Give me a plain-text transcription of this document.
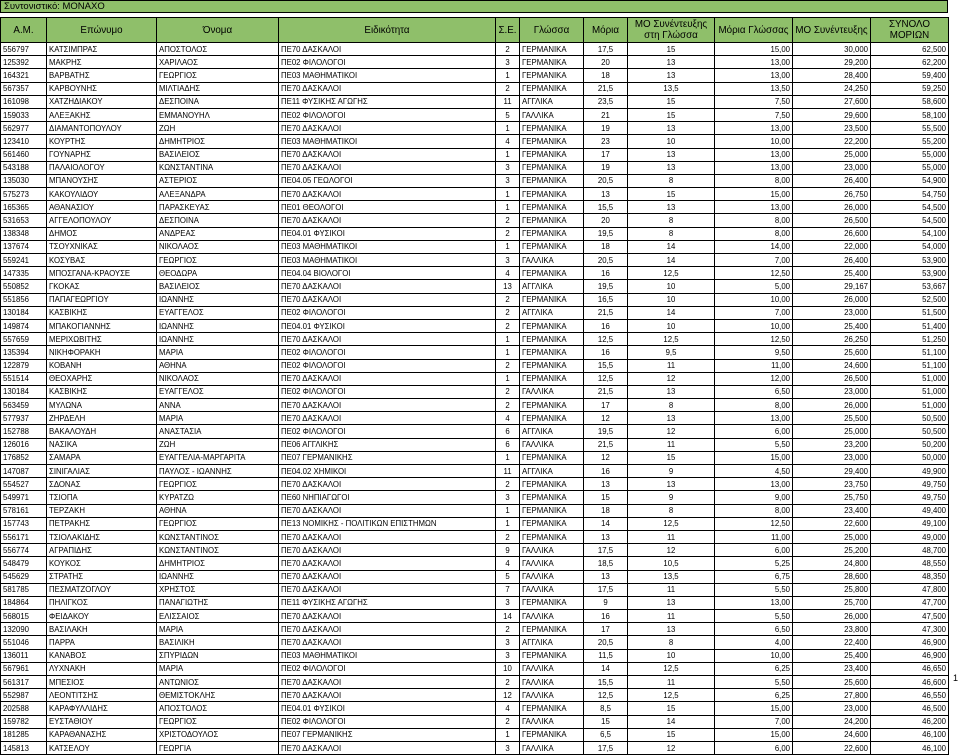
Συντονιστικό: ΜΟΝΑΧΟ
Α.Μ.	Επώνυμο	Όνομα	Ειδικότητα	Σ.Ε.	Γλώσσα	Μόρια	ΜΟ Συνέντευξης στη Γλώσσα	Μόρια Γλώσσας	ΜΟ Συνέντευξης	ΣΥΝΟΛΟ ΜΟΡΙΩΝ
556797	ΚΑΤΣΙΜΠΡΑΣ	ΑΠΟΣΤΟΛΟΣ	ΠΕ70 ΔΑΣΚΑΛΟΙ	2	ΓΕΡΜΑΝΙΚΑ	17,5	15	15,00	30,000	62,500
125392	ΜΑΚΡΗΣ	ΧΑΡΙΛΑΟΣ	ΠΕ02 ΦΙΛΟΛΟΓΟΙ	3	ΓΕΡΜΑΝΙΚΑ	20	13	13,00	29,200	62,200
164321	ΒΑΡΒΑΤΗΣ	ΓΕΩΡΓΙΟΣ	ΠΕ03 ΜΑΘΗΜΑΤΙΚΟΙ	1	ΓΕΡΜΑΝΙΚΑ	18	13	13,00	28,400	59,400
567357	ΚΑΡΒΟΥΝΗΣ	ΜΙΛΤΙΑΔΗΣ	ΠΕ70 ΔΑΣΚΑΛΟΙ	2	ΓΕΡΜΑΝΙΚΑ	21,5	13,5	13,50	24,250	59,250
161098	ΧΑΤΖΗΔΙΑΚΟΥ	ΔΕΣΠΟΙΝΑ	ΠΕ11 ΦΥΣΙΚΗΣ ΑΓΩΓΗΣ	11	ΑΓΓΛΙΚΑ	23,5	15	7,50	27,600	58,600
159033	ΑΛΕΞΑΚΗΣ	ΕΜΜΑΝΟΥΗΛ	ΠΕ02 ΦΙΛΟΛΟΓΟΙ	5	ΓΑΛΛΙΚΑ	21	15	7,50	29,600	58,100
562977	ΔΙΑΜΑΝΤΟΠΟΥΛΟΥ	ΖΩΗ	ΠΕ70 ΔΑΣΚΑΛΟΙ	1	ΓΕΡΜΑΝΙΚΑ	19	13	13,00	23,500	55,500
123410	ΚΟΥΡΤΗΣ	ΔΗΜΗΤΡΙΟΣ	ΠΕ03 ΜΑΘΗΜΑΤΙΚΟΙ	4	ΓΕΡΜΑΝΙΚΑ	23	10	10,00	22,200	55,200
561460	ΓΟΥΝΑΡΗΣ	ΒΑΣΙΛΕΙΟΣ	ΠΕ70 ΔΑΣΚΑΛΟΙ	1	ΓΕΡΜΑΝΙΚΑ	17	13	13,00	25,000	55,000
543188	ΠΑΛΑΙΟΛΟΓΟΥ	ΚΩΝΣΤΑΝΤΙΝΑ	ΠΕ70 ΔΑΣΚΑΛΟΙ	3	ΓΕΡΜΑΝΙΚΑ	19	13	13,00	23,000	55,000
135030	ΜΠΑΝΟΥΣΗΣ	ΑΣΤΕΡΙΟΣ	ΠΕ04.05 ΓΕΩΛΟΓΟΙ	3	ΓΕΡΜΑΝΙΚΑ	20,5	8	8,00	26,400	54,900
575273	ΚΑΚΟΥΛΙΔΟΥ	ΑΛΕΞΑΝΔΡΑ	ΠΕ70 ΔΑΣΚΑΛΟΙ	1	ΓΕΡΜΑΝΙΚΑ	13	15	15,00	26,750	54,750
165365	ΑΘΑΝΑΣΙΟΥ	ΠΑΡΑΣΚΕΥΑΣ	ΠΕ01 ΘΕΟΛΟΓΟΙ	1	ΓΕΡΜΑΝΙΚΑ	15,5	13	13,00	26,000	54,500
531653	ΑΓΓΕΛΟΠΟΥΛΟΥ	ΔΕΣΠΟΙΝΑ	ΠΕ70 ΔΑΣΚΑΛΟΙ	2	ΓΕΡΜΑΝΙΚΑ	20	8	8,00	26,500	54,500
138348	ΔΗΜΟΣ	ΑΝΔΡΕΑΣ	ΠΕ04.01 ΦΥΣΙΚΟΙ	2	ΓΕΡΜΑΝΙΚΑ	19,5	8	8,00	26,600	54,100
137674	ΤΣΟΥΧΝΙΚΑΣ	ΝΙΚΟΛΑΟΣ	ΠΕ03 ΜΑΘΗΜΑΤΙΚΟΙ	1	ΓΕΡΜΑΝΙΚΑ	18	14	14,00	22,000	54,000
559241	ΚΟΣΥΒΑΣ	ΓΕΩΡΓΙΟΣ	ΠΕ03 ΜΑΘΗΜΑΤΙΚΟΙ	3	ΓΑΛΛΙΚΑ	20,5	14	7,00	26,400	53,900
147335	ΜΠΟΣΓΑΝΑ-ΚΡΑΟΥΣΕ	ΘΕΟΔΩΡΑ	ΠΕ04.04 ΒΙΟΛΟΓΟΙ	4	ΓΕΡΜΑΝΙΚΑ	16	12,5	12,50	25,400	53,900
550852	ΓΚΟΚΑΣ	ΒΑΣΙΛΕΙΟΣ	ΠΕ70 ΔΑΣΚΑΛΟΙ	13	ΑΓΓΛΙΚΑ	19,5	10	5,00	29,167	53,667
551856	ΠΑΠΑΓΕΩΡΓΙΟΥ	ΙΩΑΝΝΗΣ	ΠΕ70 ΔΑΣΚΑΛΟΙ	2	ΓΕΡΜΑΝΙΚΑ	16,5	10	10,00	26,000	52,500
130184	ΚΑΣΒΙΚΗΣ	ΕΥΑΓΓΕΛΟΣ	ΠΕ02 ΦΙΛΟΛΟΓΟΙ	2	ΑΓΓΛΙΚΑ	21,5	14	7,00	23,000	51,500
149874	ΜΠΑΚΟΓΙΑΝΝΗΣ	ΙΩΑΝΝΗΣ	ΠΕ04.01 ΦΥΣΙΚΟΙ	2	ΓΕΡΜΑΝΙΚΑ	16	10	10,00	25,400	51,400
557659	ΜΕΡΙΧΩΒΙΤΗΣ	ΙΩΑΝΝΗΣ	ΠΕ70 ΔΑΣΚΑΛΟΙ	1	ΓΕΡΜΑΝΙΚΑ	12,5	12,5	12,50	26,250	51,250
135394	ΝΙΚΗΦΟΡΑΚΗ	ΜΑΡΙΑ	ΠΕ02 ΦΙΛΟΛΟΓΟΙ	1	ΓΕΡΜΑΝΙΚΑ	16	9,5	9,50	25,600	51,100
122879	ΚΟΒΑΝΗ	ΑΘΗΝΑ	ΠΕ02 ΦΙΛΟΛΟΓΟΙ	2	ΓΕΡΜΑΝΙΚΑ	15,5	11	11,00	24,600	51,100
551514	ΘΕΟΧΑΡΗΣ	ΝΙΚΟΛΑΟΣ	ΠΕ70 ΔΑΣΚΑΛΟΙ	1	ΓΕΡΜΑΝΙΚΑ	12,5	12	12,00	26,500	51,000
130184	ΚΑΣΒΙΚΗΣ	ΕΥΑΓΓΕΛΟΣ	ΠΕ02 ΦΙΛΟΛΟΓΟΙ	2	ΓΑΛΛΙΚΑ	21,5	13	6,50	23,000	51,000
563459	ΜΥΛΩΝΑ	ΑΝΝΑ	ΠΕ70 ΔΑΣΚΑΛΟΙ	2	ΓΕΡΜΑΝΙΚΑ	17	8	8,00	26,000	51,000
577937	ΖΗΡΔΕΛΗ	ΜΑΡΙΑ	ΠΕ70 ΔΑΣΚΑΛΟΙ	4	ΓΕΡΜΑΝΙΚΑ	12	13	13,00	25,500	50,500
152788	ΒΑΚΑΛΟΥΔΗ	ΑΝΑΣΤΑΣΙΑ	ΠΕ02 ΦΙΛΟΛΟΓΟΙ	6	ΑΓΓΛΙΚΑ	19,5	12	6,00	25,000	50,500
126016	ΝΑΣΙΚΑ	ΖΩΗ	ΠΕ06 ΑΓΓΛΙΚΗΣ	6	ΓΑΛΛΙΚΑ	21,5	11	5,50	23,200	50,200
176852	ΣΑΜΑΡΑ	ΕΥΑΓΓΕΛΙΑ-ΜΑΡΓΑΡΙΤΑ	ΠΕ07 ΓΕΡΜΑΝΙΚΗΣ	1	ΓΕΡΜΑΝΙΚΑ	12	15	15,00	23,000	50,000
147087	ΣΙΝΙΓΑΛΙΑΣ	ΠΑΥΛΟΣ - ΙΩΑΝΝΗΣ	ΠΕ04.02 ΧΗΜΙΚΟΙ	11	ΑΓΓΛΙΚΑ	16	9	4,50	29,400	49,900
554527	ΣΔΟΝΑΣ	ΓΕΩΡΓΙΟΣ	ΠΕ70 ΔΑΣΚΑΛΟΙ	2	ΓΕΡΜΑΝΙΚΑ	13	13	13,00	23,750	49,750
549971	ΤΣΙΟΠΑ	ΚΥΡΑΤΖΩ	ΠΕ60 ΝΗΠΙΑΓΩΓΟΙ	3	ΓΕΡΜΑΝΙΚΑ	15	9	9,00	25,750	49,750
578161	ΤΕΡΖΑΚΗ	ΑΘΗΝΑ	ΠΕ70 ΔΑΣΚΑΛΟΙ	1	ΓΕΡΜΑΝΙΚΑ	18	8	8,00	23,400	49,400
157743	ΠΕΤΡΑΚΗΣ	ΓΕΩΡΓΙΟΣ	ΠΕ13 ΝΟΜΙΚΗΣ - ΠΟΛΙΤΙΚΩΝ ΕΠΙΣΤΗΜΩΝ	1	ΓΕΡΜΑΝΙΚΑ	14	12,5	12,50	22,600	49,100
556171	ΤΣΙΟΛΑΚΙΔΗΣ	ΚΩΝΣΤΑΝΤΙΝΟΣ	ΠΕ70 ΔΑΣΚΑΛΟΙ	2	ΓΕΡΜΑΝΙΚΑ	13	11	11,00	25,000	49,000
556774	ΑΓΡΑΠΙΔΗΣ	ΚΩΝΣΤΑΝΤΙΝΟΣ	ΠΕ70 ΔΑΣΚΑΛΟΙ	9	ΓΑΛΛΙΚΑ	17,5	12	6,00	25,200	48,700
548479	ΚΟΥΚΟΣ	ΔΗΜΗΤΡΙΟΣ	ΠΕ70 ΔΑΣΚΑΛΟΙ	4	ΓΑΛΛΙΚΑ	18,5	10,5	5,25	24,800	48,550
545629	ΣΤΡΑΤΗΣ	ΙΩΑΝΝΗΣ	ΠΕ70 ΔΑΣΚΑΛΟΙ	5	ΓΑΛΛΙΚΑ	13	13,5	6,75	28,600	48,350
581785	ΠΕΣΜΑΤΖΟΓΛΟΥ	ΧΡΗΣΤΟΣ	ΠΕ70 ΔΑΣΚΑΛΟΙ	7	ΓΑΛΛΙΚΑ	17,5	11	5,50	25,800	47,800
184864	ΠΗΛΙΓΚΟΣ	ΠΑΝΑΓΙΩΤΗΣ	ΠΕ11 ΦΥΣΙΚΗΣ ΑΓΩΓΗΣ	3	ΓΕΡΜΑΝΙΚΑ	9	13	13,00	25,700	47,700
568015	ΦΕΙΔΑΚΟΥ	ΕΛΙΣΣΑΙΟΣ	ΠΕ70 ΔΑΣΚΑΛΟΙ	14	ΓΑΛΛΙΚΑ	16	11	5,50	26,000	47,500
132090	ΒΑΣΙΛΑΚΗ	ΜΑΡΙΑ	ΠΕ70 ΔΑΣΚΑΛΟΙ	2	ΓΕΡΜΑΝΙΚΑ	17	13	6,50	23,800	47,300
551046	ΠΑΡΡΑ	ΒΑΣΙΛΙΚΗ	ΠΕ70 ΔΑΣΚΑΛΟΙ	3	ΑΓΓΛΙΚΑ	20,5	8	4,00	22,400	46,900
136011	ΚΑΝΑΒΟΣ	ΣΠΥΡΙΔΩΝ	ΠΕ03 ΜΑΘΗΜΑΤΙΚΟΙ	3	ΓΕΡΜΑΝΙΚΑ	11,5	10	10,00	25,400	46,900
567961	ΛΥΧΝΑΚΗ	ΜΑΡΙΑ	ΠΕ02 ΦΙΛΟΛΟΓΟΙ	10	ΓΑΛΛΙΚΑ	14	12,5	6,25	23,400	46,650
561317	ΜΠΕΣΙΟΣ	ΑΝΤΩΝΙΟΣ	ΠΕ70 ΔΑΣΚΑΛΟΙ	2	ΓΑΛΛΙΚΑ	15,5	11	5,50	25,600	46,600
552987	ΛΕΟΝΤΙΤΣΗΣ	ΘΕΜΙΣΤΟΚΛΗΣ	ΠΕ70 ΔΑΣΚΑΛΟΙ	12	ΓΑΛΛΙΚΑ	12,5	12,5	6,25	27,800	46,550
202588	ΚΑΡΑΦΥΛΛΙΔΗΣ	ΑΠΟΣΤΟΛΟΣ	ΠΕ04.01 ΦΥΣΙΚΟΙ	4	ΓΕΡΜΑΝΙΚΑ	8,5	15	15,00	23,000	46,500
159782	ΕΥΣΤΑΘΙΟΥ	ΓΕΩΡΓΙΟΣ	ΠΕ02 ΦΙΛΟΛΟΓΟΙ	2	ΓΑΛΛΙΚΑ	15	14	7,00	24,200	46,200
181285	ΚΑΡΑΘΑΝΑΣΗΣ	ΧΡΙΣΤΟΔΟΥΛΟΣ	ΠΕ07 ΓΕΡΜΑΝΙΚΗΣ	1	ΓΕΡΜΑΝΙΚΑ	6,5	15	15,00	24,600	46,100
145813	ΚΑΤΣΕΛΟΥ	ΓΕΩΡΓΙΑ	ΠΕ70 ΔΑΣΚΑΛΟΙ	3	ΓΑΛΛΙΚΑ	17,5	12	6,00	22,600	46,100
1
